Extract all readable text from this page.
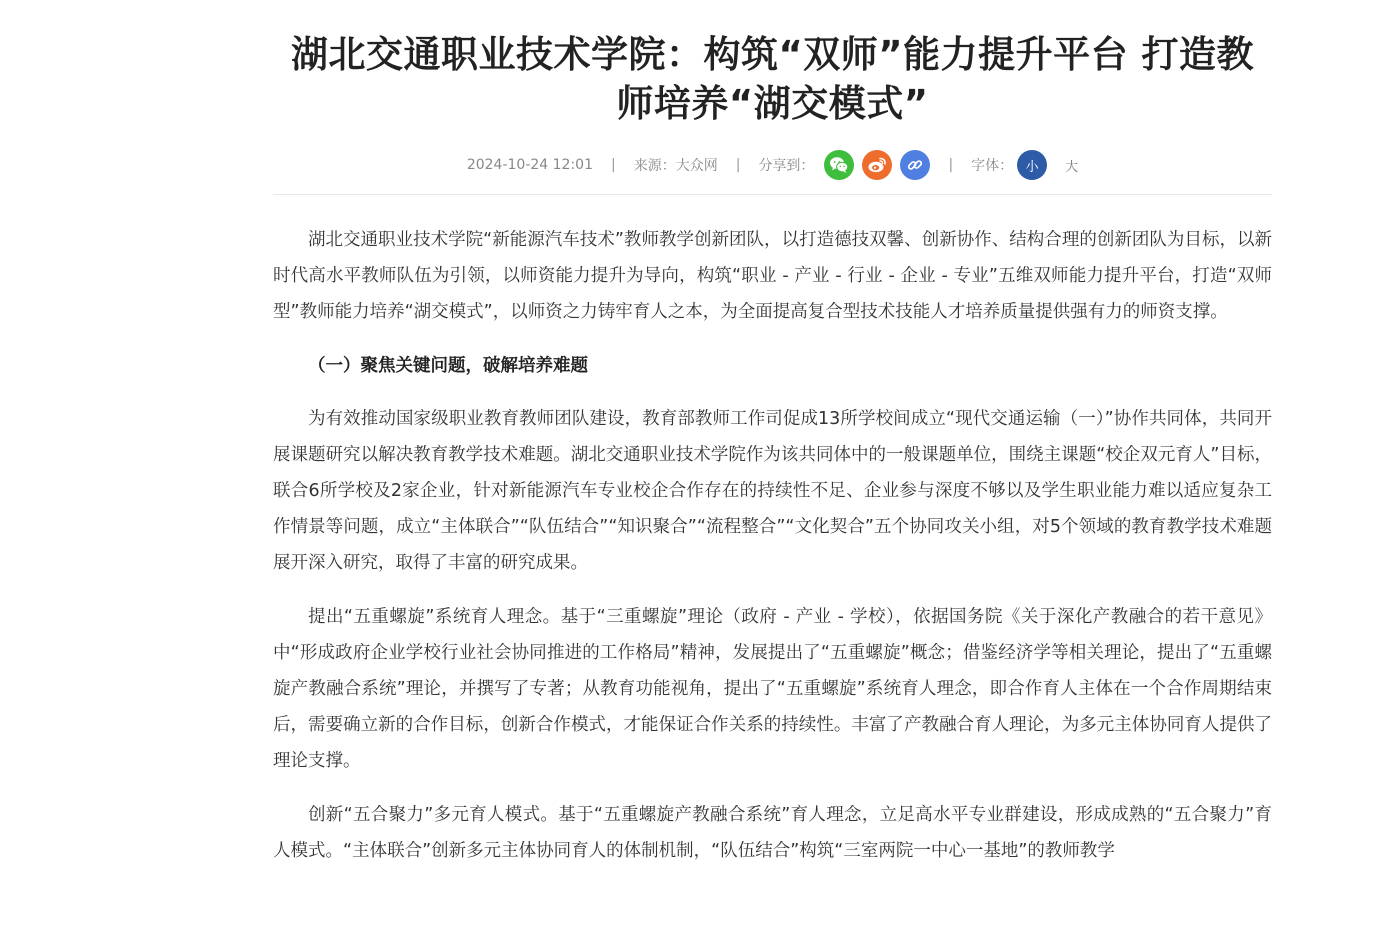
湖北交通职业技术学院：构筑“双师”能力提升平台 打造教师培养“湖交模式”
2024-10-24 12:01 | 来源：大众网 | 分享到：	| 字体： 小	大

湖北交通职业技术学院“新能源汽车技术”教师教学创新团队，以打造德技双馨、创新协作、结构合理的创新团队为目标，以新时代高水平教师队伍为引领，以师资能力提升为导向，构筑“职业 - 产业 - 行业 - 企业 - 专业”五维双师能力提升平台，打造“双师型”教师能力培养“湖交模式”，以师资之力铸牢育人之本，为全面提高复合型技术技能人才培养质量提供强有力的师资支撑。

（一）聚焦关键问题，破解培养难题

为有效推动国家级职业教育教师团队建设，教育部教师工作司促成13所学校间成立“现代交通运输（一）”协作共同体，共同开展课题研究以解决教育教学技术难题。湖北交通职业技术学院作为该共同体中的一般课题单位，围绕主课题“校企双元育人”目标，联合6所学校及2家企业，针对新能源汽车专业校企合作存在的持续性不足、企业参与深度不够以及学生职业能力难以适应复杂工作情景等问题，成立“主体联合”“队伍结合”“知识聚合”“流程整合”“文化契合”五个协同攻关小组，对5个领域的教育教学技术难题展开深入研究，取得了丰富的研究成果。

提出“五重螺旋”系统育人理念。基于“三重螺旋”理论（政府 - 产业 - 学校），依据国务院《关于深化产教融合的若干意见》中“形成政府企业学校行业社会协同推进的工作格局”精神，发展提出了“五重螺旋”概念；借鉴经济学等相关理论，提出了“五重螺旋产教融合系统”理论，并撰写了专著；从教育功能视角，提出了“五重螺旋”系统育人理念，即合作育人主体在一个合作周期结束后，需要确立新的合作目标，创新合作模式，才能保证合作关系的持续性。丰富了产教融合育人理论，为多元主体协同育人提供了理论支撑。

创新“五合聚力”多元育人模式。基于“五重螺旋产教融合系统”育人理念，立足高水平专业群建设，形成成熟的“五合聚力”育人模式。“主体联合”创新多元主体协同育人的体制机制，“队伍结合”构筑“三室两院一中心一基地”的教师教学
